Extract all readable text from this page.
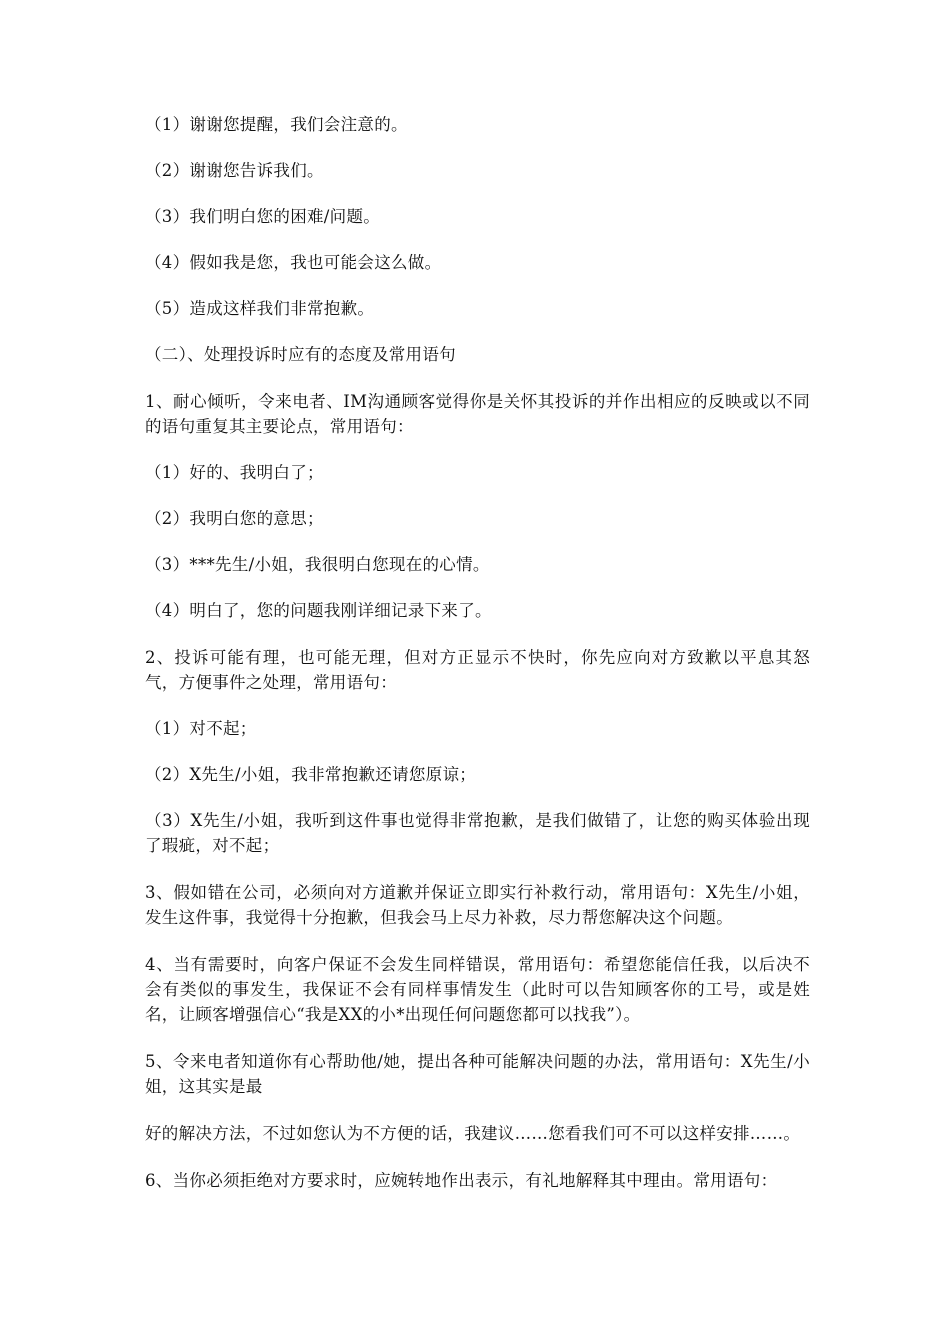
（1）谢谢您提醒，我们会注意的。

（2）谢谢您告诉我们。

（3）我们明白您的困难/问题。

（4）假如我是您，我也可能会这么做。

（5）造成这样我们非常抱歉。

（二）、处理投诉时应有的态度及常用语句

1、耐心倾听，令来电者、IM沟通顾客觉得你是关怀其投诉的并作出相应的反映或以不同的语句重复其主要论点，常用语句：

（1）好的、我明白了；

（2）我明白您的意思；

（3）***先生/小姐，我很明白您现在的心情。

（4）明白了，您的问题我刚详细记录下来了。

2、投诉可能有理，也可能无理，但对方正显示不快时，你先应向对方致歉以平息其怒气，方便事件之处理，常用语句：

（1）对不起；

（2）X先生/小姐，我非常抱歉还请您原谅；

（3）X先生/小姐，我听到这件事也觉得非常抱歉，是我们做错了，让您的购买体验出现了瑕疵，对不起；

3、假如错在公司，必须向对方道歉并保证立即实行补救行动，常用语句：X先生/小姐，发生这件事，我觉得十分抱歉，但我会马上尽力补救，尽力帮您解决这个问题。

4、当有需要时，向客户保证不会发生同样错误，常用语句：希望您能信任我，以后决不会有类似的事发生，我保证不会有同样事情发生（此时可以告知顾客你的工号，或是姓名，让顾客增强信心“我是XX的小*出现任何问题您都可以找我”）。

5、令来电者知道你有心帮助他/她，提出各种可能解决问题的办法，常用语句：X先生/小姐，这其实是最

好的解决方法，不过如您认为不方便的话，我建议……您看我们可不可以这样安排……。

6、当你必须拒绝对方要求时，应婉转地作出表示，有礼地解释其中理由。常用语句：
